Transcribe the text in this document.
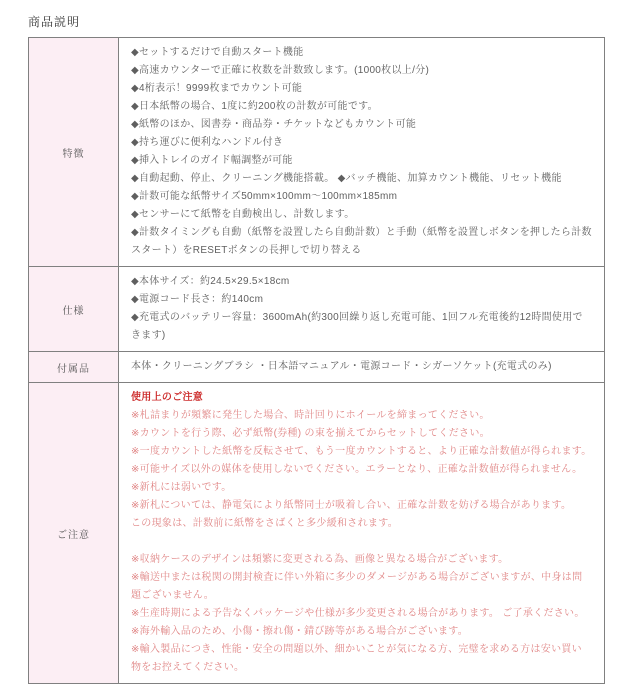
商品説明
特徴	
◆セットするだけで自動スタート機能
◆高速カウンターで正確に枚数を計数致します。(1000枚以上/分)
◆4桁表示！9999枚までカウント可能
◆日本紙幣の場合、1度に約200枚の計数が可能です。
◆紙幣のほか、図書券・商品券・チケットなどもカウント可能
◆持ち運びに便利なハンドル付き
◆挿入トレイのガイド幅調整が可能
◆自動起動、停止、クリーニング機能搭載。 ◆バッチ機能、加算カウント機能、リセット機能
◆計数可能な紙幣サイズ50mm×100mm〜100mm×185mm
◆センサーにて紙幣を自動検出し、計数します。
◆計数タイミングも自動（紙幣を設置したら自動計数）と手動（紙幣を設置しボタンを押したら計数スタート）をRESETボタンの長押しで切り替える

仕様	◆本体サイズ：約24.5×29.5×18cm
◆電源コード長さ：約140cm
◆充電式のバッテリー容量：3600mAh(約300回繰り返し充電可能、1回フル充電後約12時間使用できます)

付属品	本体・クリーニングブラシ ・日本語マニュアル・電源コード・シガーソケット(充電式のみ)

ご注意	
使用上のご注意
※札詰まりが頻繁に発生した場合、時計回りにホイールを締まってください。
※カウントを行う際、必ず紙幣(券種) の束を揃えてからセットしてください。
※一度カウントした紙幣を反転させて、もう一度カウントすると、より正確な計数値が得られます。
※可能サイズ以外の媒体を使用しないでください。エラーとなり、正確な計数値が得られません。
※新札には弱いです。
※新札については、静電気により紙幣同士が吸着し合い、正確な計数を妨げる場合があります。
この現象は、計数前に紙幣をさばくと多少緩和されます。
※収納ケースのデザインは頻繁に変更される為、画像と異なる場合がございます。
※輸送中または税関の開封検査に伴い外箱に多少のダメージがある場合がございますが、中身は問題ございません。
※生産時期による予告なくパッケージや仕様が多少変更される場合があります。 ご了承ください。
※海外輸入品のため、小傷・擦れ傷・錆び跡等がある場合がございます。
※輸入製品につき、性能・安全の問題以外、細かいことが気になる方、完璧を求める方は安い買い物をお控えてください。
